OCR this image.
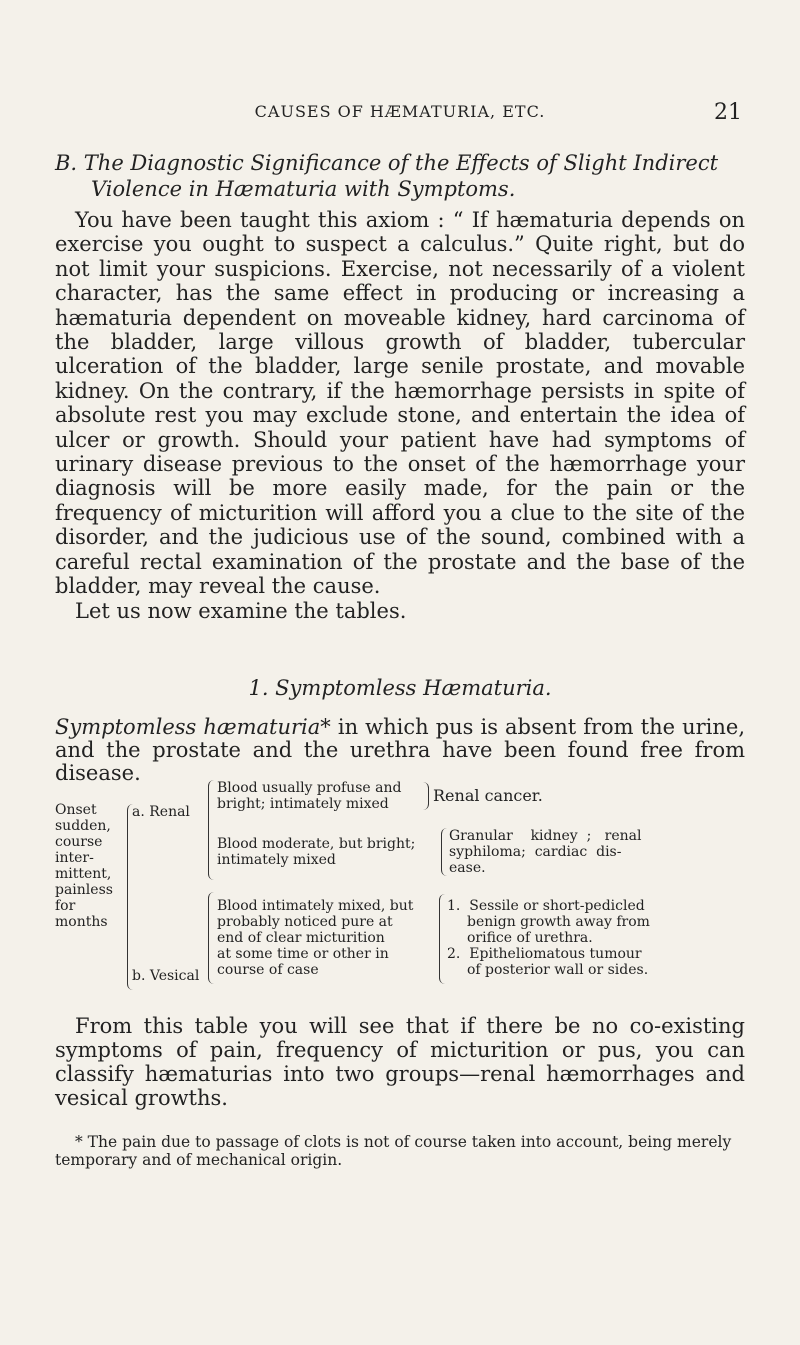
CAUSES OF HÆMATURIA, ETC.	21
B. The Diagnostic Significance of the Effects of Slight Indirect
Violence in Hæmaturia with Symptoms.

You have been taught this axiom : “ If hæmaturia depends on exercise you ought to suspect a calculus.” Quite right, but do not limit your suspicions. Exercise, not necessarily of a violent character, has the same effect in producing or increasing a hæmaturia dependent on moveable kidney, hard carcinoma of the bladder, large villous growth of bladder, tubercular ulceration of the bladder, large senile prostate, and movable kidney. On the contrary, if the hæmorrhage persists in spite of absolute rest you may exclude stone, and entertain the idea of ulcer or growth. Should your patient have had symptoms of urinary disease previous to the onset of the hæmorrhage your diagnosis will be more easily made, for the pain or the frequency of micturition will afford you a clue to the site of the disorder, and the judicious use of the sound, combined with a careful rectal examination of the prostate and the base of the bladder, may reveal the cause.

Let us now examine the tables.

1. Symptomless Hæmaturia.
Symptomless hæmaturia* in which pus is absent from the urine, and the prostate and the urethra have been found free from disease.
Onset
sudden,
course
inter-
mittent,
painless
for
months
a. Renal
b. Vesical
Blood usually profuse and
bright; intimately mixed	Renal cancer.
Blood moderate, but bright;
intimately mixed
Granular    kidney  ;   renal
syphiloma;  cardiac  dis-
ease.
Blood intimately mixed, but
probably noticed pure at
end of clear micturition
at some time or other in
course of case
1.  Sessile or short-pedicled
benign growth away from
orifice of urethra.
2.  Epitheliomatous tumour
of posterior wall or sides.
From this table you will see that if there be no co-existing symptoms of pain, frequency of micturition or pus, you can classify hæmaturias into two groups—renal hæmorrhages and vesical growths.
* The pain due to passage of clots is not of course taken into account, being merely temporary and of mechanical origin.
